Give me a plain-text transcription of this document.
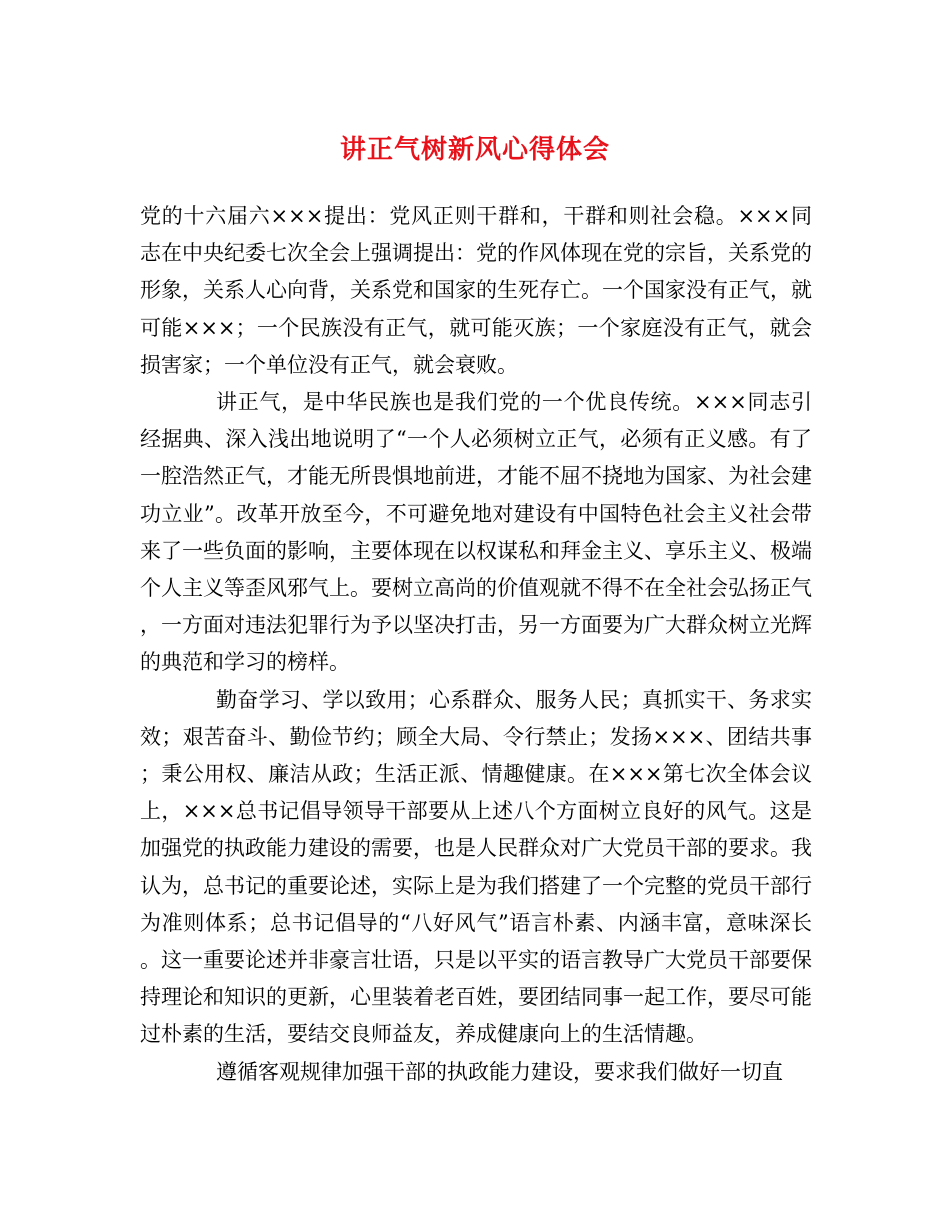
讲正气树新风心得体会

党的十六届六×××提出：党风正则干群和，干群和则社会稳。×××同志在中央纪委七次全会上强调提出：党的作风体现在党的宗旨，关系党的形象，关系人心向背，关系党和国家的生死存亡。一个国家没有正气，就可能×××；一个民族没有正气，就可能灭族；一个家庭没有正气，就会损害家；一个单位没有正气，就会衰败。

讲正气，是中华民族也是我们党的一个优良传统。×××同志引经据典、深入浅出地说明了“一个人必须树立正气，必须有正义感。有了一腔浩然正气，才能无所畏惧地前进，才能不屈不挠地为国家、为社会建功立业”。改革开放至今，不可避免地对建设有中国特色社会主义社会带来了一些负面的影响，主要体现在以权谋私和拜金主义、享乐主义、极端个人主义等歪风邪气上。要树立高尚的价值观就不得不在全社会弘扬正气，一方面对违法犯罪行为予以坚决打击，另一方面要为广大群众树立光辉的典范和学习的榜样。

勤奋学习、学以致用；心系群众、服务人民；真抓实干、务求实效；艰苦奋斗、勤俭节约；顾全大局、令行禁止；发扬×××、团结共事；秉公用权、廉洁从政；生活正派、情趣健康。在×××第七次全体会议上，×××总书记倡导领导干部要从上述八个方面树立良好的风气。这是加强党的执政能力建设的需要，也是人民群众对广大党员干部的要求。我认为，总书记的重要论述，实际上是为我们搭建了一个完整的党员干部行为准则体系；总书记倡导的“八好风气”语言朴素、内涵丰富，意味深长。这一重要论述并非豪言壮语，只是以平实的语言教导广大党员干部要保持理论和知识的更新，心里装着老百姓，要团结同事一起工作，要尽可能过朴素的生活，要结交良师益友，养成健康向上的生活情趣。

遵循客观规律加强干部的执政能力建设，要求我们做好一切直
